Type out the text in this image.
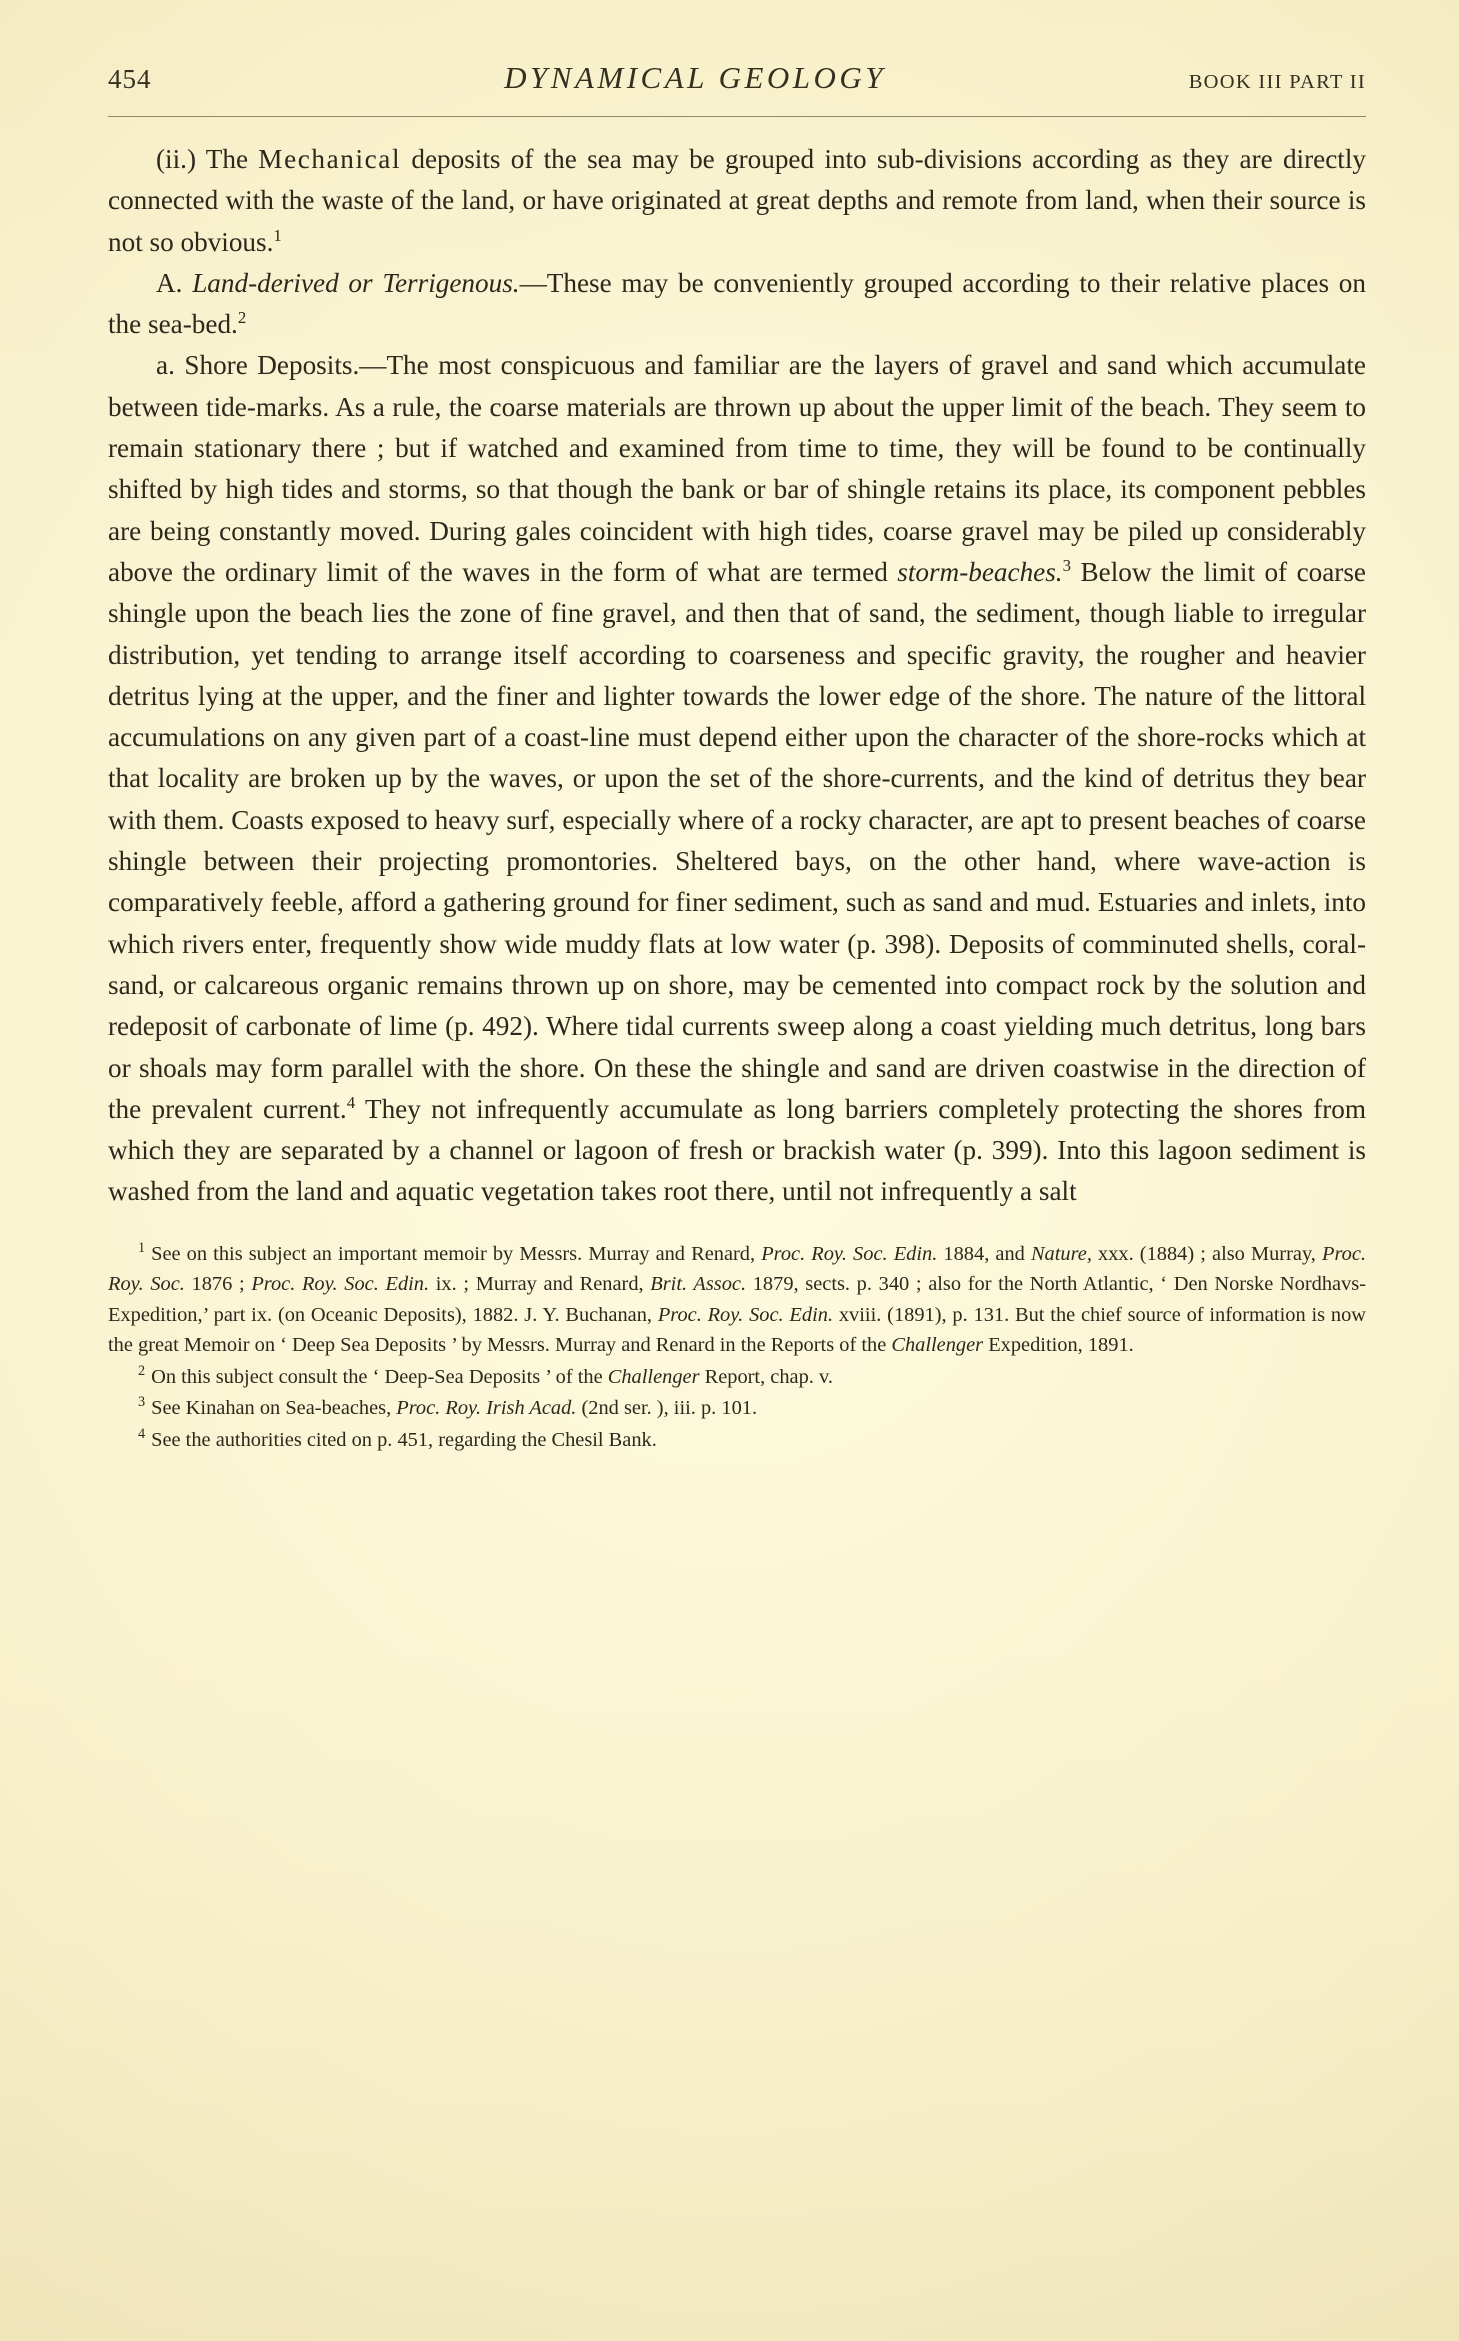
454	DYNAMICAL GEOLOGY	BOOK III PART II

(ii.) The Mechanical deposits of the sea may be grouped into sub-divisions according as they are directly connected with the waste of the land, or have originated at great depths and remote from land, when their source is not so obvious.$^1$

A. Land-derived or Terrigenous.—These may be conveniently grouped according to their relative places on the sea-bed.$^2$

a. Shore Deposits.—The most conspicuous and familiar are the layers of gravel and sand which accumulate between tide-marks. As a rule, the coarse materials are thrown up about the upper limit of the beach. They seem to remain stationary there ; but if watched and examined from time to time, they will be found to be continually shifted by high tides and storms, so that though the bank or bar of shingle retains its place, its component pebbles are being constantly moved. During gales coincident with high tides, coarse gravel may be piled up considerably above the ordinary limit of the waves in the form of what are termed storm-beaches.$^3$ Below the limit of coarse shingle upon the beach lies the zone of fine gravel, and then that of sand, the sediment, though liable to irregular distribution, yet tending to arrange itself according to coarseness and specific gravity, the rougher and heavier detritus lying at the upper, and the finer and lighter towards the lower edge of the shore. The nature of the littoral accumulations on any given part of a coast-line must depend either upon the character of the shore-rocks which at that locality are broken up by the waves, or upon the set of the shore-currents, and the kind of detritus they bear with them. Coasts exposed to heavy surf, especially where of a rocky character, are apt to present beaches of coarse shingle between their projecting promontories. Sheltered bays, on the other hand, where wave-action is comparatively feeble, afford a gathering ground for finer sediment, such as sand and mud. Estuaries and inlets, into which rivers enter, frequently show wide muddy flats at low water (p. 398). Deposits of comminuted shells, coral-sand, or calcareous organic remains thrown up on shore, may be cemented into compact rock by the solution and redeposit of carbonate of lime (p. 492). Where tidal currents sweep along a coast yielding much detritus, long bars or shoals may form parallel with the shore. On these the shingle and sand are driven coastwise in the direction of the prevalent current.$^4$ They not infrequently accumulate as long barriers completely protecting the shores from which they are separated by a channel or lagoon of fresh or brackish water (p. 399). Into this lagoon sediment is washed from the land and aquatic vegetation takes root there, until not infrequently a salt

$^1$ See on this subject an important memoir by Messrs. Murray and Renard, Proc. Roy. Soc. Edin. 1884, and Nature, xxx. (1884) ; also Murray, Proc. Roy. Soc. 1876 ; Proc. Roy. Soc. Edin. ix. ; Murray and Renard, Brit. Assoc. 1879, sects. p. 340 ; also for the North Atlantic, ‘ Den Norske Nordhavs-Expedition,’ part ix. (on Oceanic Deposits), 1882. J. Y. Buchanan, Proc. Roy. Soc. Edin. xviii. (1891), p. 131. But the chief source of information is now the great Memoir on ‘ Deep Sea Deposits ’ by Messrs. Murray and Renard in the Reports of the Challenger Expedition, 1891.

$^2$ On this subject consult the ‘ Deep-Sea Deposits ’ of the Challenger Report, chap. v.

$^3$ See Kinahan on Sea-beaches, Proc. Roy. Irish Acad. (2nd ser. ), iii. p. 101.

$^4$ See the authorities cited on p. 451, regarding the Chesil Bank.
